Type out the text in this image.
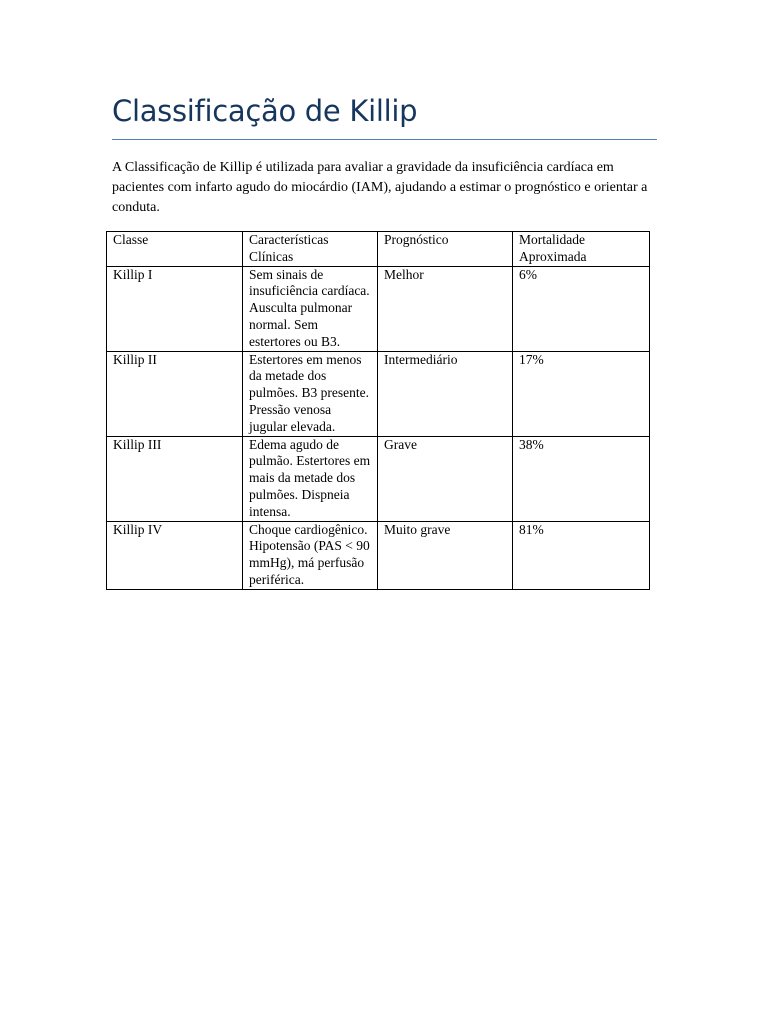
Classificação de Killip

A Classificação de Killip é utilizada para avaliar a gravidade da insuficiência cardíaca em pacientes com infarto agudo do miocárdio (IAM), ajudando a estimar o prognóstico e orientar a conduta.

Classe	Características Clínicas	Prognóstico	Mortalidade Aproximada
Killip I	Sem sinais de insuficiência cardíaca. Ausculta pulmonar normal. Sem estertores ou B3.	Melhor	6%
Killip II	Estertores em menos da metade dos pulmões. B3 presente. Pressão venosa jugular elevada.	Intermediário	17%
Killip III	Edema agudo de pulmão. Estertores em mais da metade dos pulmões. Dispneia intensa.	Grave	38%
Killip IV	Choque cardiogênico. Hipotensão (PAS < 90 mmHg), má perfusão periférica.	Muito grave	81%
